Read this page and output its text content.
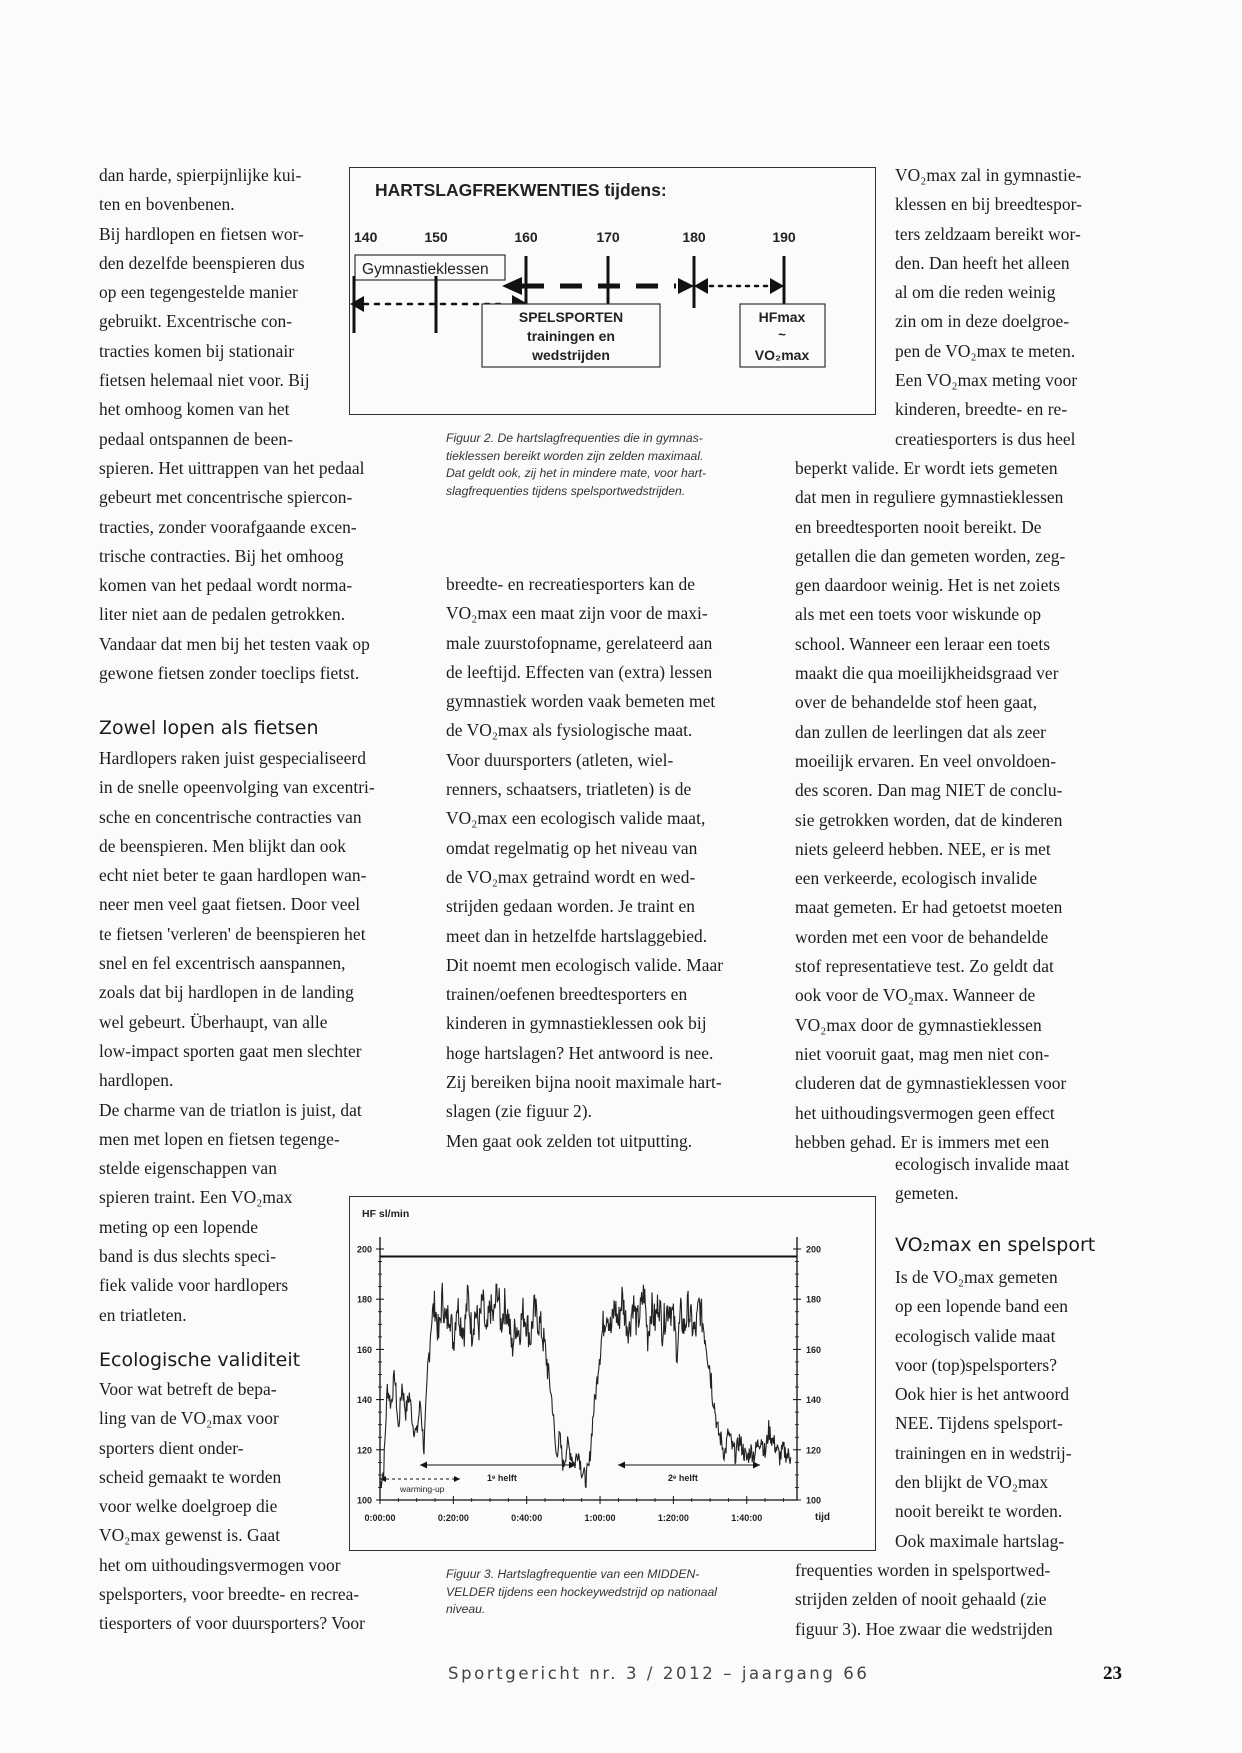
dan harde, spierpijnlijke kui-
ten en bovenbenen.
Bij hardlopen en fietsen wor-
den dezelfde beenspieren dus
op een tegengestelde manier
gebruikt. Excentrische con-
tracties komen bij stationair
fietsen helemaal niet voor. Bij
het omhoog komen van het
pedaal ontspannen de been-
spieren. Het uittrappen van het pedaal
gebeurt met concentrische spiercon-
tracties, zonder voorafgaande excen-
trische contracties. Bij het omhoog
komen van het pedaal wordt norma-
liter niet aan de pedalen getrokken.
Vandaar dat men bij het testen vaak op
gewone fietsen zonder toeclips fietst.
Zowel lopen als fietsen
Hardlopers raken juist gespecialiseerd
in de snelle opeenvolging van excentri-
sche en concentrische contracties van
de beenspieren. Men blijkt dan ook
echt niet beter te gaan hardlopen wan-
neer men veel gaat fietsen. Door veel
te fietsen 'verleren' de beenspieren het
snel en fel excentrisch aanspannen,
zoals dat bij hardlopen in de landing
wel gebeurt. Überhaupt, van alle
low-impact sporten gaat men slechter
hardlopen.
De charme van de triatlon is juist, dat
men met lopen en fietsen tegenge-
stelde eigenschappen van
spieren traint. Een VO₂max
meting op een lopende
band is dus slechts speci-
fiek valide voor hardlopers
en triatleten.
Ecologische validiteit
Voor wat betreft de bepa-
ling van de VO₂max voor
sporters dient onder-
scheid gemaakt te worden
voor welke doelgroep die
VO₂max gewenst is. Gaat
het om uithoudingsvermogen voor
spelsporters, voor breedte- en recrea-
tiesporters of voor duursporters? Voor
breedte- en recreatiesporters kan de
VO₂max een maat zijn voor de maxi-
male zuurstofopname, gerelateerd aan
de leeftijd. Effecten van (extra) lessen
gymnastiek worden vaak bemeten met
de VO₂max als fysiologische maat.
Voor duursporters (atleten, wiel-
renners, schaatsers, triatleten) is de
VO₂max een ecologisch valide maat,
omdat regelmatig op het niveau van
de VO₂max getraind wordt en wed-
strijden gedaan worden. Je traint en
meet dan in hetzelfde hartslaggebied.
Dit noemt men ecologisch valide. Maar
trainen/oefenen breedtesporters en
kinderen in gymnastieklessen ook bij
hoge hartslagen? Het antwoord is nee.
Zij bereiken bijna nooit maximale hart-
slagen (zie figuur 2).
Men gaat ook zelden tot uitputting.
VO₂max zal in gymnastie-
klessen en bij breedtespor-
ters zeldzaam bereikt wor-
den. Dan heeft het alleen
al om die reden weinig
zin om in deze doelgroe-
pen de VO₂max te meten.
Een VO₂max meting voor
kinderen, breedte- en re-
creatiesporters is dus heel
beperkt valide. Er wordt iets gemeten
dat men in reguliere gymnastieklessen
en breedtesporten nooit bereikt. De
getallen die dan gemeten worden, zeg-
gen daardoor weinig. Het is net zoiets
als met een toets voor wiskunde op
school. Wanneer een leraar een toets
maakt die qua moeilijkheidsgraad ver
over de behandelde stof heen gaat,
dan zullen de leerlingen dat als zeer
moeilijk ervaren. En veel onvoldoen-
des scoren. Dan mag NIET de conclu-
sie getrokken worden, dat de kinderen
niets geleerd hebben. NEE, er is met
een verkeerde, ecologisch invalide
maat gemeten. Er had getoetst moeten
worden met een voor de behandelde
stof representatieve test. Zo geldt dat
ook voor de VO₂max. Wanneer de
VO₂max door de gymnastieklessen
niet vooruit gaat, mag men niet con-
cluderen dat de gymnastieklessen voor
het uithoudingsvermogen geen effect
hebben gehad. Er is immers met een
ecologisch invalide maat
gemeten.
VO₂max en spelsport
Is de VO₂max gemeten
op een lopende band een
ecologisch valide maat
voor (top)spelsporters?
Ook hier is het antwoord
NEE. Tijdens spelsport-
trainingen en in wedstrij-
den blijkt de VO₂max
nooit bereikt te worden.
Ook maximale hartslag-
frequenties worden in spelsportwed-
strijden zelden of nooit gehaald (zie
figuur 3). Hoe zwaar die wedstrijden
HARTSLAGFREKWENTIES tijdens:
140	150	160	170	180	190
Gymnastieklessen
SPELSPORTEN
trainingen en
wedstrijden
HFmax
~
VO₂max
Figuur 2. De hartslagfrequenties die in gymnas-
tieklessen bereikt worden zijn zelden maximaal.
Dat geldt ook, zij het in mindere mate, voor hart-
slagfrequenties tijdens spelsportwedstrijden.
HF sl/min
100	100
120	120
140	140
160	160
180	180
200	200
0:00:00	0:20:00	0:40:00	1:00:00	1:20:00	1:40:00
warming-up
1ᵉ helft	2ᵉ helft
tijd
Figuur 3. Hartslagfrequentie van een MIDDEN-
VELDER tijdens een hockeywedstrijd op nationaal
niveau.
Sportgericht nr. 3 / 2012 – jaargang 66	23
